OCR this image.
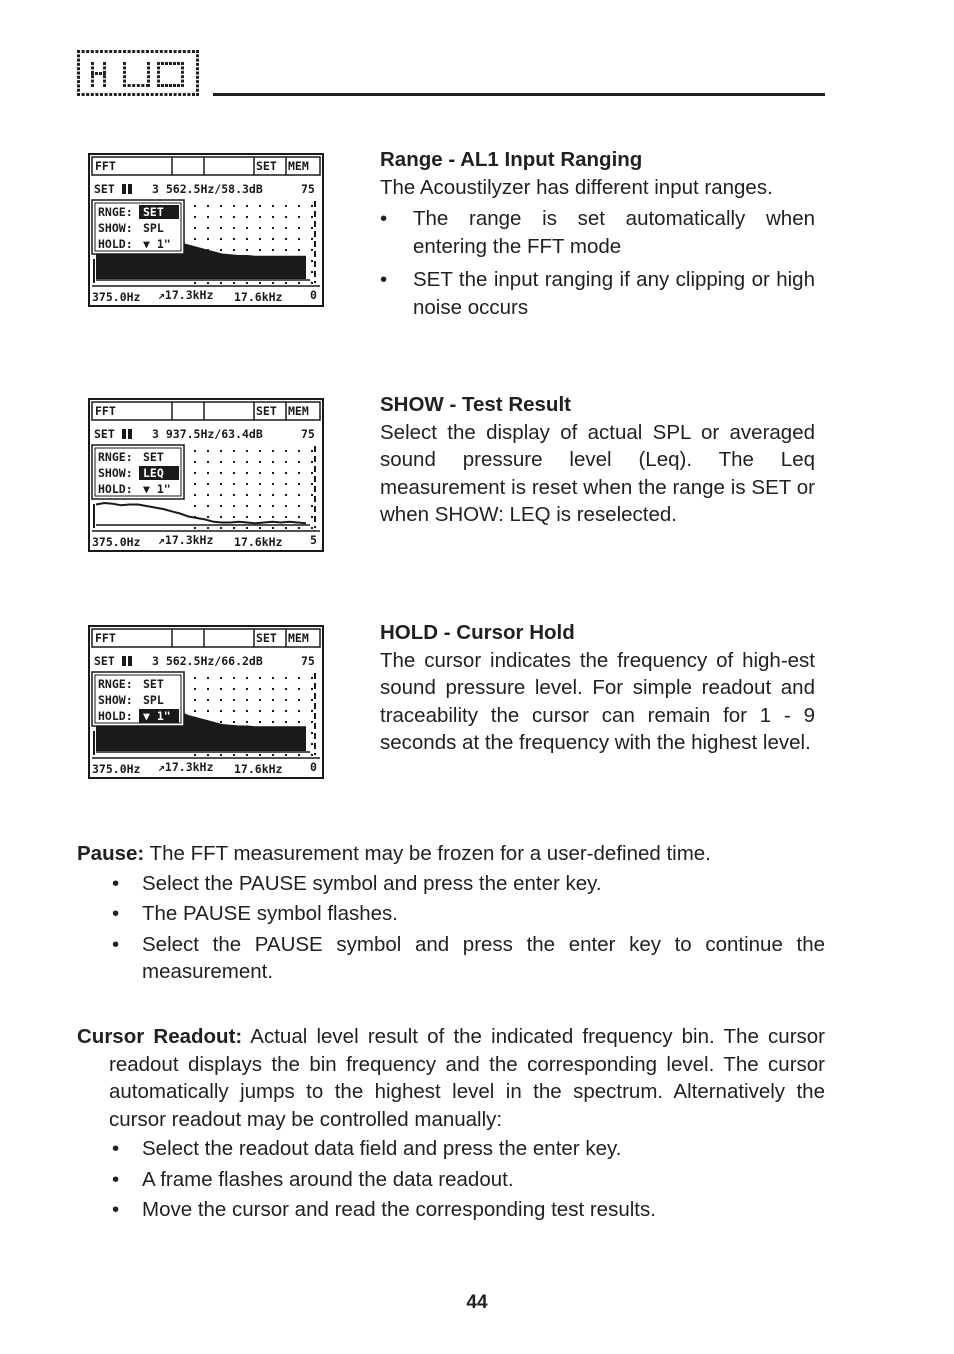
FFT	SET MEM
SET	3 562.5Hz/58.3dB	75
RNGE: SET
SHOW: SPL
HOLD: ▼ 1"
375.0Hz ↗17.3kHz 17.6kHz 0
Range - AL1 Input Ranging

The Acoustilyzer has different input ranges.

• The range is set automatically when entering the FFT mode
• SET the input ranging if any clipping or high noise occurs
FFT	SET MEM
SET	3 937.5Hz/63.4dB	75
RNGE: SET
SHOW: LEQ
HOLD: ▼ 1"
375.0Hz ↗17.3kHz 17.6kHz 5
SHOW - Test Result

Select the display of actual SPL or averaged sound pressure level (Leq). The Leq measurement is reset when the range is SET or when SHOW: LEQ is reselected.

FFT	SET MEM
SET	3 562.5Hz/66.2dB	75
RNGE: SET
SHOW: SPL
HOLD: ▼ 1"
375.0Hz ↗17.3kHz 17.6kHz 0
HOLD - Cursor Hold

The cursor indicates the frequency of high-est sound pressure level. For simple readout and traceability the cursor can remain for 1 - 9 seconds at the frequency with the highest level.

Pause: The FFT measurement may be frozen for a user-defined time.

• Select the PAUSE symbol and press the enter key.
• The PAUSE symbol flashes.
• Select the PAUSE symbol and press the enter key to continue the measurement.

Cursor Readout: Actual level result of the indicated frequency bin. The cursor readout displays the bin frequency and the corresponding level. The cursor automatically jumps to the highest level in the spectrum. Alternatively the cursor readout may be controlled manually:

• Select the readout data field and press the enter key.
• A frame flashes around the data readout.
• Move the cursor and read the corresponding test results.
44
